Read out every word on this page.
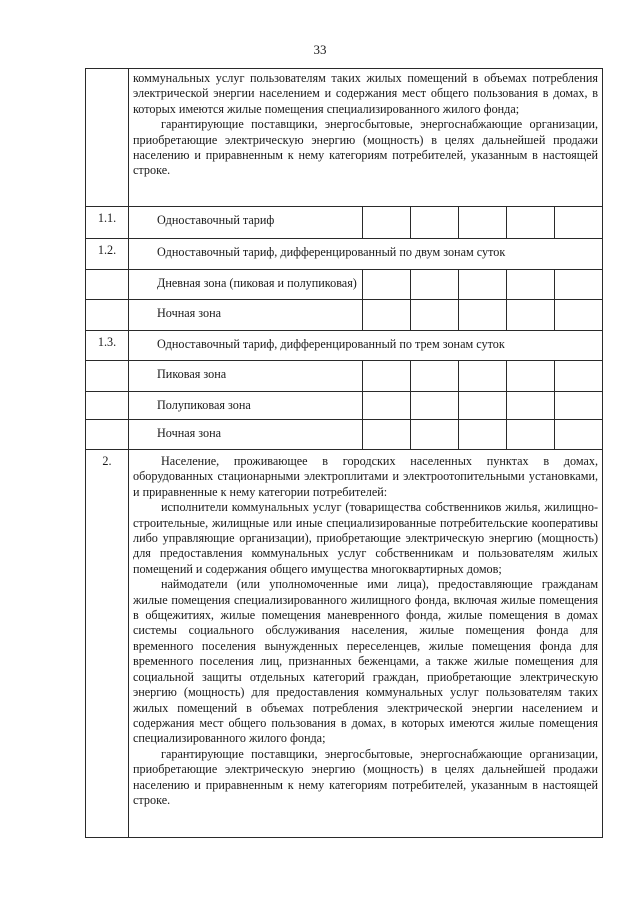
33

	коммунальных услуг пользователям таких жилых помещений в объемах потребления электрической энергии населением и содержания мест общего пользования в домах, в которых имеются жилые помещения специализированного жилого фонда;

гарантирующие поставщики, энергосбытовые, энергоснабжающие организации, приобретающие электрическую энергию (мощность) в целях дальнейшей продажи населению и приравненным к нему категориям потребителей, указанным в настоящей строке.					

1.1.	Одноставочный тариф					
1.2.	Одноставочный тариф, дифференцированный по двум зонам суток					
	Дневная зона (пиковая и полупиковая)					
	Ночная зона					
1.3.	Одноставочный тариф, дифференцированный по трем зонам суток					
	Пиковая зона					
	Полупиковая зона					
	Ночная зона					
2.	Население, проживающее в городских населенных пунктах в домах, оборудованных стационарными электроплитами и электроотопительными установками, и приравненные к нему категории потребителей:

исполнители коммунальных услуг (товарищества собственников жилья, жилищно-строительные, жилищные или иные специализированные потребительские кооперативы либо управляющие организации), приобретающие электрическую энергию (мощность) для предоставления коммунальных услуг собственникам и пользователям жилых помещений и содержания общего имущества многоквартирных домов;

наймодатели (или уполномоченные ими лица), предоставляющие гражданам жилые помещения специализированного жилищного фонда, включая жилые помещения в общежитиях, жилые помещения маневренного фонда, жилые помещения в домах системы социального обслуживания населения, жилые помещения фонда для временного поселения вынужденных переселенцев, жилые помещения фонда для временного поселения лиц, признанных беженцами, а также жилые помещения для социальной защиты отдельных категорий граждан, приобретающие электрическую энергию (мощность) для предоставления коммунальных услуг пользователям таких жилых помещений в объемах потребления электрической энергии населением и содержания мест общего пользования в домах, в которых имеются жилые помещения специализированного жилого фонда;

гарантирующие поставщики, энергосбытовые, энергоснабжающие организации, приобретающие электрическую энергию (мощность) в целях дальнейшей продажи населению и приравненным к нему категориям потребителей, указанным в настоящей строке.					
